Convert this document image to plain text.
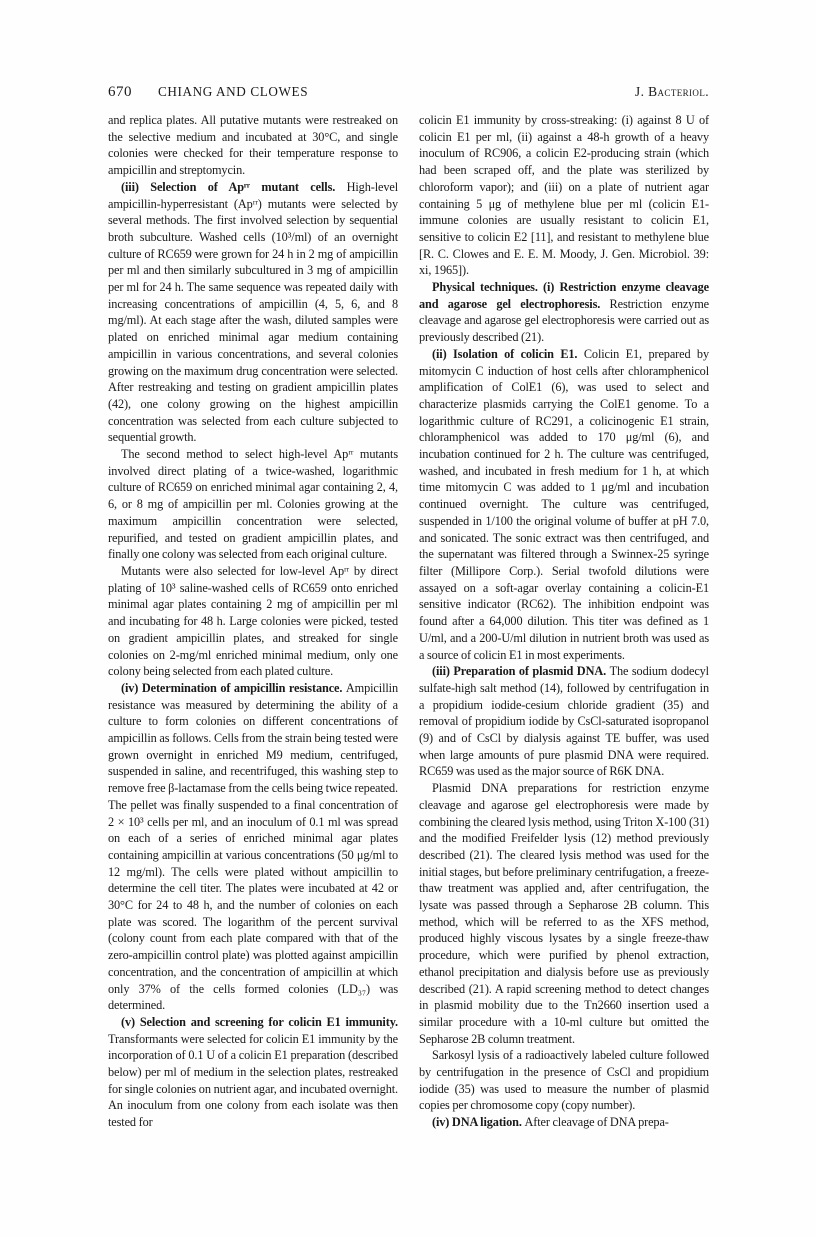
670 CHIANG AND CLOWES	J. Bacteriol.

and replica plates. All putative mutants were restreaked on the selective medium and incubated at 30°C, and single colonies were checked for their temperature response to ampicillin and streptomycin.

(iii) Selection of Apʳʳ mutant cells. High-level ampicillin-hyperresistant (Apʳʳ) mutants were selected by several methods. The first involved selection by sequential broth subculture. Washed cells (10³/ml) of an overnight culture of RC659 were grown for 24 h in 2 mg of ampicillin per ml and then similarly subcultured in 3 mg of ampicillin per ml for 24 h. The same sequence was repeated daily with increasing concentrations of ampicillin (4, 5, 6, and 8 mg/ml). At each stage after the wash, diluted samples were plated on enriched minimal agar medium containing ampicillin in various concentrations, and several colonies growing on the maximum drug concentration were selected. After restreaking and testing on gradient ampicillin plates (42), one colony growing on the highest ampicillin concentration was selected from each culture subjected to sequential growth.

The second method to select high-level Apʳʳ mutants involved direct plating of a twice-washed, logarithmic culture of RC659 on enriched minimal agar containing 2, 4, 6, or 8 mg of ampicillin per ml. Colonies growing at the maximum ampicillin concentration were selected, repurified, and tested on gradient ampicillin plates, and finally one colony was selected from each original culture.

Mutants were also selected for low-level Apʳʳ by direct plating of 10³ saline-washed cells of RC659 onto enriched minimal agar plates containing 2 mg of ampicillin per ml and incubating for 48 h. Large colonies were picked, tested on gradient ampicillin plates, and streaked for single colonies on 2-mg/ml enriched minimal medium, only one colony being selected from each plated culture.

(iv) Determination of ampicillin resistance. Ampicillin resistance was measured by determining the ability of a culture to form colonies on different concentrations of ampicillin as follows. Cells from the strain being tested were grown overnight in enriched M9 medium, centrifuged, suspended in saline, and recentrifuged, this washing step to remove free β-lactamase from the cells being twice repeated. The pellet was finally suspended to a final concentration of 2 × 10³ cells per ml, and an inoculum of 0.1 ml was spread on each of a series of enriched minimal agar plates containing ampicillin at various concentrations (50 μg/ml to 12 mg/ml). The cells were plated without ampicillin to determine the cell titer. The plates were incubated at 42 or 30°C for 24 to 48 h, and the number of colonies on each plate was scored. The logarithm of the percent survival (colony count from each plate compared with that of the zero-ampicillin control plate) was plotted against ampicillin concentration, and the concentration of ampicillin at which only 37% of the cells formed colonies (LD₃₇) was determined.

(v) Selection and screening for colicin E1 immunity. Transformants were selected for colicin E1 immunity by the incorporation of 0.1 U of a colicin E1 preparation (described below) per ml of medium in the selection plates, restreaked for single colonies on nutrient agar, and incubated overnight. An inoculum from one colony from each isolate was then tested for

colicin E1 immunity by cross-streaking: (i) against 8 U of colicin E1 per ml, (ii) against a 48-h growth of a heavy inoculum of RC906, a colicin E2-producing strain (which had been scraped off, and the plate was sterilized by chloroform vapor); and (iii) on a plate of nutrient agar containing 5 μg of methylene blue per ml (colicin E1-immune colonies are usually resistant to colicin E1, sensitive to colicin E2 [11], and resistant to methylene blue [R. C. Clowes and E. E. M. Moody, J. Gen. Microbiol. 39: xi, 1965]).

Physical techniques. (i) Restriction enzyme cleavage and agarose gel electrophoresis. Restriction enzyme cleavage and agarose gel electrophoresis were carried out as previously described (21).

(ii) Isolation of colicin E1. Colicin E1, prepared by mitomycin C induction of host cells after chloramphenicol amplification of ColE1 (6), was used to select and characterize plasmids carrying the ColE1 genome. To a logarithmic culture of RC291, a colicinogenic E1 strain, chloramphenicol was added to 170 μg/ml (6), and incubation continued for 2 h. The culture was centrifuged, washed, and incubated in fresh medium for 1 h, at which time mitomycin C was added to 1 μg/ml and incubation continued overnight. The culture was centrifuged, suspended in 1/100 the original volume of buffer at pH 7.0, and sonicated. The sonic extract was then centrifuged, and the supernatant was filtered through a Swinnex-25 syringe filter (Millipore Corp.). Serial twofold dilutions were assayed on a soft-agar overlay containing a colicin-E1 sensitive indicator (RC62). The inhibition endpoint was found after a 64,000 dilution. This titer was defined as 1 U/ml, and a 200-U/ml dilution in nutrient broth was used as a source of colicin E1 in most experiments.

(iii) Preparation of plasmid DNA. The sodium dodecyl sulfate-high salt method (14), followed by centrifugation in a propidium iodide-cesium chloride gradient (35) and removal of propidium iodide by CsCl-saturated isopropanol (9) and of CsCl by dialysis against TE buffer, was used when large amounts of pure plasmid DNA were required. RC659 was used as the major source of R6K DNA.

Plasmid DNA preparations for restriction enzyme cleavage and agarose gel electrophoresis were made by combining the cleared lysis method, using Triton X-100 (31) and the modified Freifelder lysis (12) method previously described (21). The cleared lysis method was used for the initial stages, but before preliminary centrifugation, a freeze-thaw treatment was applied and, after centrifugation, the lysate was passed through a Sepharose 2B column. This method, which will be referred to as the XFS method, produced highly viscous lysates by a single freeze-thaw procedure, which were purified by phenol extraction, ethanol precipitation and dialysis before use as previously described (21). A rapid screening method to detect changes in plasmid mobility due to the Tn2660 insertion used a similar procedure with a 10-ml culture but omitted the Sepharose 2B column treatment.

Sarkosyl lysis of a radioactively labeled culture followed by centrifugation in the presence of CsCl and propidium iodide (35) was used to measure the number of plasmid copies per chromosome copy (copy number).

(iv) DNA ligation. After cleavage of DNA prepa-
